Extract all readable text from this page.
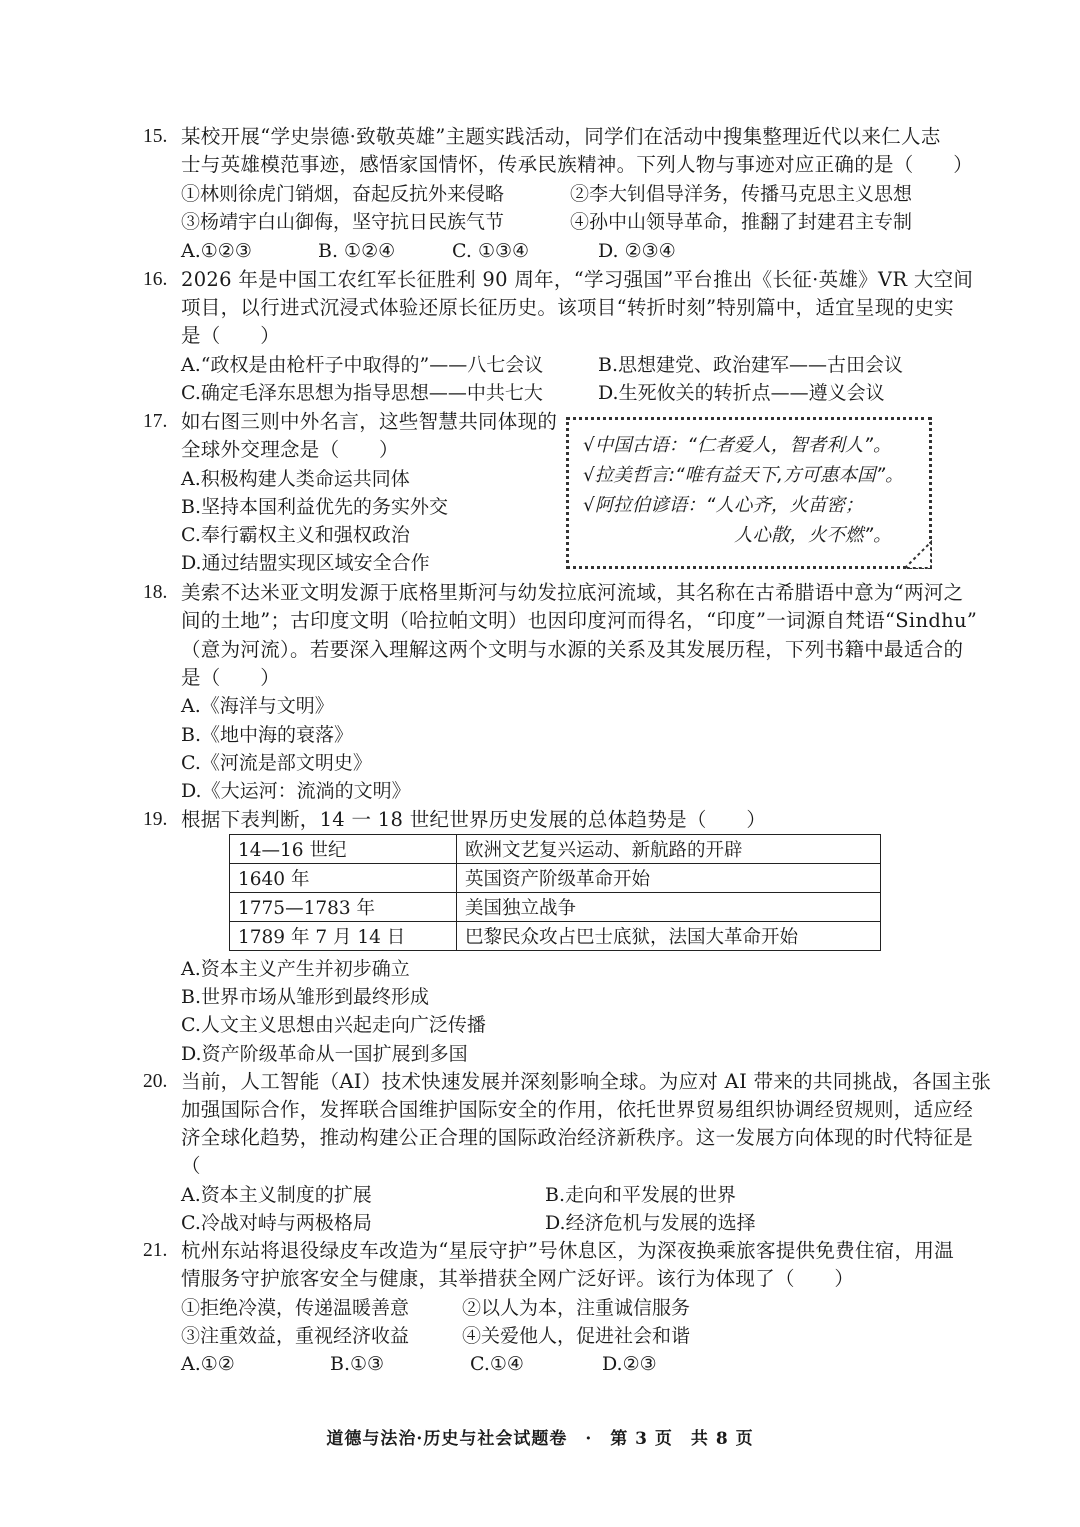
15. 某校开展“学史崇德·致敬英雄”主题实践活动，同学们在活动中搜集整理近代以来仁人志
士与英雄模范事迹，感悟家国情怀，传承民族精神。下列人物与事迹对应正确的是（　　）
①林则徐虎门销烟，奋起反抗外来侵略	②李大钊倡导洋务，传播马克思主义思想
③杨靖宇白山御侮，坚守抗日民族气节	④孙中山领导革命，推翻了封建君主专制
A.①②③	B. ①②④	C. ①③④	D. ②③④
16. 2026 年是中国工农红军长征胜利 90 周年，“学习强国”平台推出《长征·英雄》VR 大空间
项目，以行进式沉浸式体验还原长征历史。该项目“转折时刻”特别篇中，适宜呈现的史实
是（　　）
A.“政权是由枪杆子中取得的”——八七会议	B.思想建党、政治建军——古田会议
C.确定毛泽东思想为指导思想——中共七大	D.生死攸关的转折点——遵义会议
17. 如右图三则中外名言，这些智慧共同体现的
全球外交理念是（　　）
A.积极构建人类命运共同体
B.坚持本国利益优先的务实外交
C.奉行霸权主义和强权政治
D.通过结盟实现区域安全合作
√中国古语：“仁者爱人，智者利人”。
√拉美哲言:“唯有益天下,方可惠本国”。
√阿拉伯谚语：“人心齐，火苗密；
人心散，火不燃”。
18. 美索不达米亚文明发源于底格里斯河与幼发拉底河流域，其名称在古希腊语中意为“两河之
间的土地”；古印度文明（哈拉帕文明）也因印度河而得名，“印度”一词源自梵语“Sindhu”
（意为河流）。若要深入理解这两个文明与水源的关系及其发展历程，下列书籍中最适合的
是（　　）
A.《海洋与文明》
B.《地中海的衰落》
C.《河流是部文明史》
D.《大运河：流淌的文明》
19. 根据下表判断，14 一 18 世纪世界历史发展的总体趋势是（　　）
14—16 世纪	欧洲文艺复兴运动、新航路的开辟
1640 年	英国资产阶级革命开始
1775—1783 年	美国独立战争
1789 年 7 月 14 日	巴黎民众攻占巴士底狱，法国大革命开始
A.资本主义产生并初步确立
B.世界市场从雏形到最终形成
C.人文主义思想由兴起走向广泛传播
D.资产阶级革命从一国扩展到多国
20. 当前，人工智能（AI）技术快速发展并深刻影响全球。为应对 AI 带来的共同挑战，各国主张
加强国际合作，发挥联合国维护国际安全的作用，依托世界贸易组织协调经贸规则，适应经
济全球化趋势，推动构建公正合理的国际政治经济新秩序。这一发展方向体现的时代特征是
（
A.资本主义制度的扩展	B.走向和平发展的世界
C.冷战对峙与两极格局	D.经济危机与发展的选择
21. 杭州东站将退役绿皮车改造为“星辰守护”号休息区，为深夜换乘旅客提供免费住宿，用温
情服务守护旅客安全与健康，其举措获全网广泛好评。该行为体现了（　　）
①拒绝冷漠，传递温暖善意	②以人为本，注重诚信服务
③注重效益，重视经济收益	④关爱他人，促进社会和谐
A.①②	B.①③	C.①④	D.②③
道德与法治·历史与社会试题卷　·　第 3 页　共 8 页
